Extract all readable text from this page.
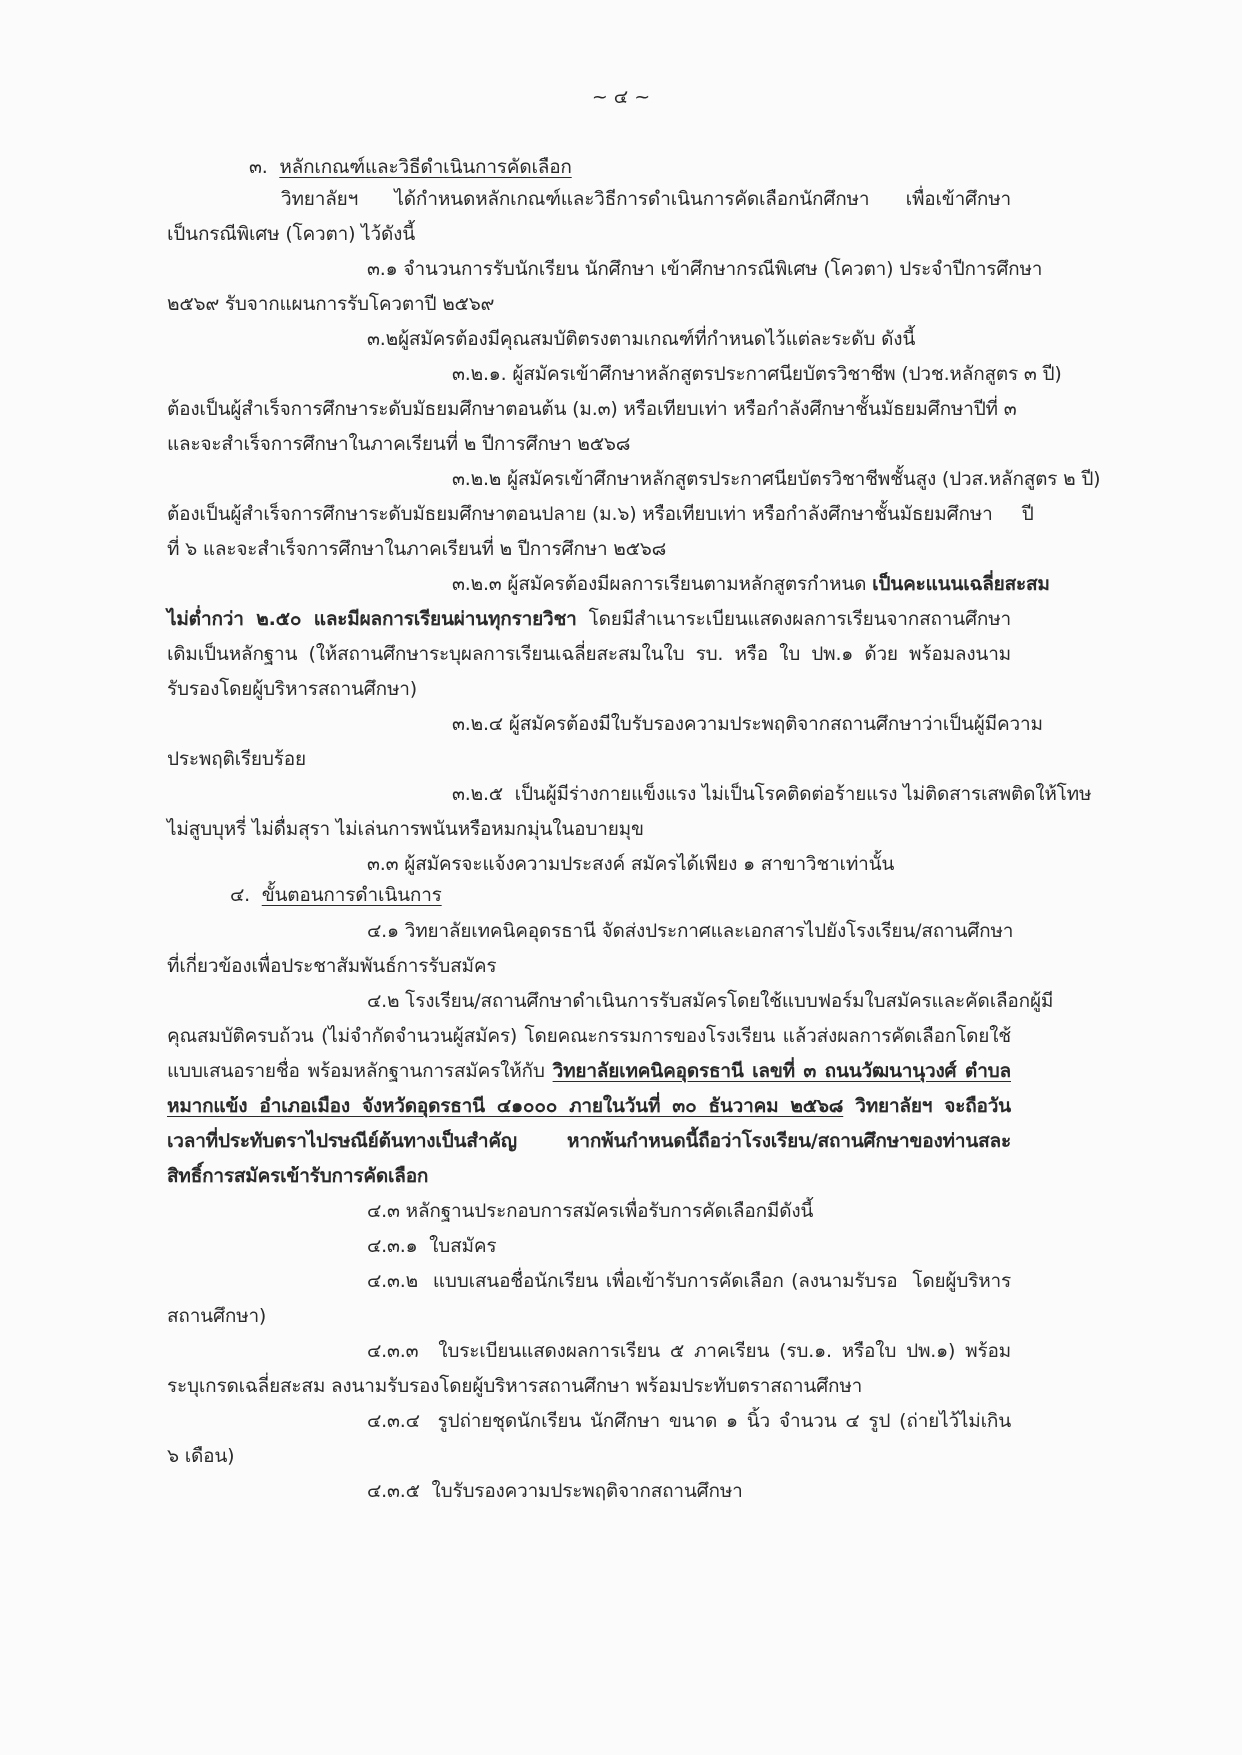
~ ๔ ~
๓. หลักเกณฑ์และวิธีดำเนินการคัดเลือก
วิทยาลัยฯ ได้กำหนดหลักเกณฑ์และวิธีการดำเนินการคัดเลือกนักศึกษา เพื่อเข้าศึกษา
เป็นกรณีพิเศษ (โควตา) ไว้ดังนี้
๓.๑ จำนวนการรับนักเรียน นักศึกษา เข้าศึกษากรณีพิเศษ (โควตา) ประจำปีการศึกษา
๒๕๖๙ รับจากแผนการรับโควตาปี ๒๕๖๙
๓.๒ผู้สมัครต้องมีคุณสมบัติตรงตามเกณฑ์ที่กำหนดไว้แต่ละระดับ ดังนี้
๓.๒.๑. ผู้สมัครเข้าศึกษาหลักสูตรประกาศนียบัตรวิชาชีพ (ปวช.หลักสูตร ๓ ปี)
ต้องเป็นผู้สำเร็จการศึกษาระดับมัธยมศึกษาตอนต้น (ม.๓) หรือเทียบเท่า หรือกำลังศึกษาชั้นมัธยมศึกษาปีที่ ๓
และจะสำเร็จการศึกษาในภาคเรียนที่ ๒ ปีการศึกษา ๒๕๖๘
๓.๒.๒ ผู้สมัครเข้าศึกษาหลักสูตรประกาศนียบัตรวิชาชีพชั้นสูง (ปวส.หลักสูตร ๒ ปี)
ต้องเป็นผู้สำเร็จการศึกษาระดับมัธยมศึกษาตอนปลาย (ม.๖) หรือเทียบเท่า หรือกำลังศึกษาชั้นมัธยมศึกษา     ปี
ที่ ๖ และจะสำเร็จการศึกษาในภาคเรียนที่ ๒ ปีการศึกษา ๒๕๖๘
๓.๒.๓ ผู้สมัครต้องมีผลการเรียนตามหลักสูตรกำหนด เป็นคะแนนเฉลี่ยสะสม
ไม่ต่ำกว่า ๒.๕๐ และมีผลการเรียนผ่านทุกรายวิชา โดยมีสำเนาระเบียนแสดงผลการเรียนจากสถานศึกษา
เดิมเป็นหลักฐาน (ให้สถานศึกษาระบุผลการเรียนเฉลี่ยสะสมในใบ รบ. หรือ ใบ ปพ.๑ ด้วย พร้อมลงนาม
รับรองโดยผู้บริหารสถานศึกษา)
๓.๒.๔ ผู้สมัครต้องมีใบรับรองความประพฤติจากสถานศึกษาว่าเป็นผู้มีความ
ประพฤติเรียบร้อย
๓.๒.๕  เป็นผู้มีร่างกายแข็งแรง ไม่เป็นโรคติดต่อร้ายแรง ไม่ติดสารเสพติดให้โทษ
ไม่สูบบุหรี่ ไม่ดื่มสุรา ไม่เล่นการพนันหรือหมกมุ่นในอบายมุข
๓.๓ ผู้สมัครจะแจ้งความประสงค์ สมัครได้เพียง ๑ สาขาวิชาเท่านั้น
๔. ขั้นตอนการดำเนินการ
๔.๑ วิทยาลัยเทคนิคอุดรธานี จัดส่งประกาศและเอกสารไปยังโรงเรียน/สถานศึกษา
ที่เกี่ยวข้องเพื่อประชาสัมพันธ์การรับสมัคร
๔.๒ โรงเรียน/สถานศึกษาดำเนินการรับสมัครโดยใช้แบบฟอร์มใบสมัครและคัดเลือกผู้มี
คุณสมบัติครบถ้วน (ไม่จำกัดจำนวนผู้สมัคร) โดยคณะกรรมการของโรงเรียน แล้วส่งผลการคัดเลือกโดยใช้
แบบเสนอรายชื่อ พร้อมหลักฐานการสมัครให้กับ วิทยาลัยเทคนิคอุดรธานี เลขที่ ๓ ถนนวัฒนานุวงศ์ ตำบล
หมากแข้ง อำเภอเมือง จังหวัดอุดรธานี ๔๑๐๐๐ ภายในวันที่ ๓๐ ธันวาคม ๒๕๖๘ วิทยาลัยฯ จะถือวัน
เวลาที่ประทับตราไปรษณีย์ต้นทางเป็นสำคัญ หากพ้นกำหนดนี้ถือว่าโรงเรียน/สถานศึกษาของท่านสละ
สิทธิ์การสมัครเข้ารับการคัดเลือก
๔.๓ หลักฐานประกอบการสมัครเพื่อรับการคัดเลือกมีดังนี้
๔.๓.๑  ใบสมัคร
๔.๓.๒  แบบเสนอชื่อนักเรียน เพื่อเข้ารับการคัดเลือก (ลงนามรับรอ  โดยผู้บริหาร
สถานศึกษา)
๔.๓.๓  ใบระเบียนแสดงผลการเรียน ๕ ภาคเรียน (รบ.๑. หรือใบ ปพ.๑) พร้อม
ระบุเกรดเฉลี่ยสะสม ลงนามรับรองโดยผู้บริหารสถานศึกษา พร้อมประทับตราสถานศึกษา
๔.๓.๔  รูปถ่ายชุดนักเรียน นักศึกษา ขนาด ๑ นิ้ว จำนวน ๔ รูป (ถ่ายไว้ไม่เกิน
๖ เดือน)
๔.๓.๕  ใบรับรองความประพฤติจากสถานศึกษา
